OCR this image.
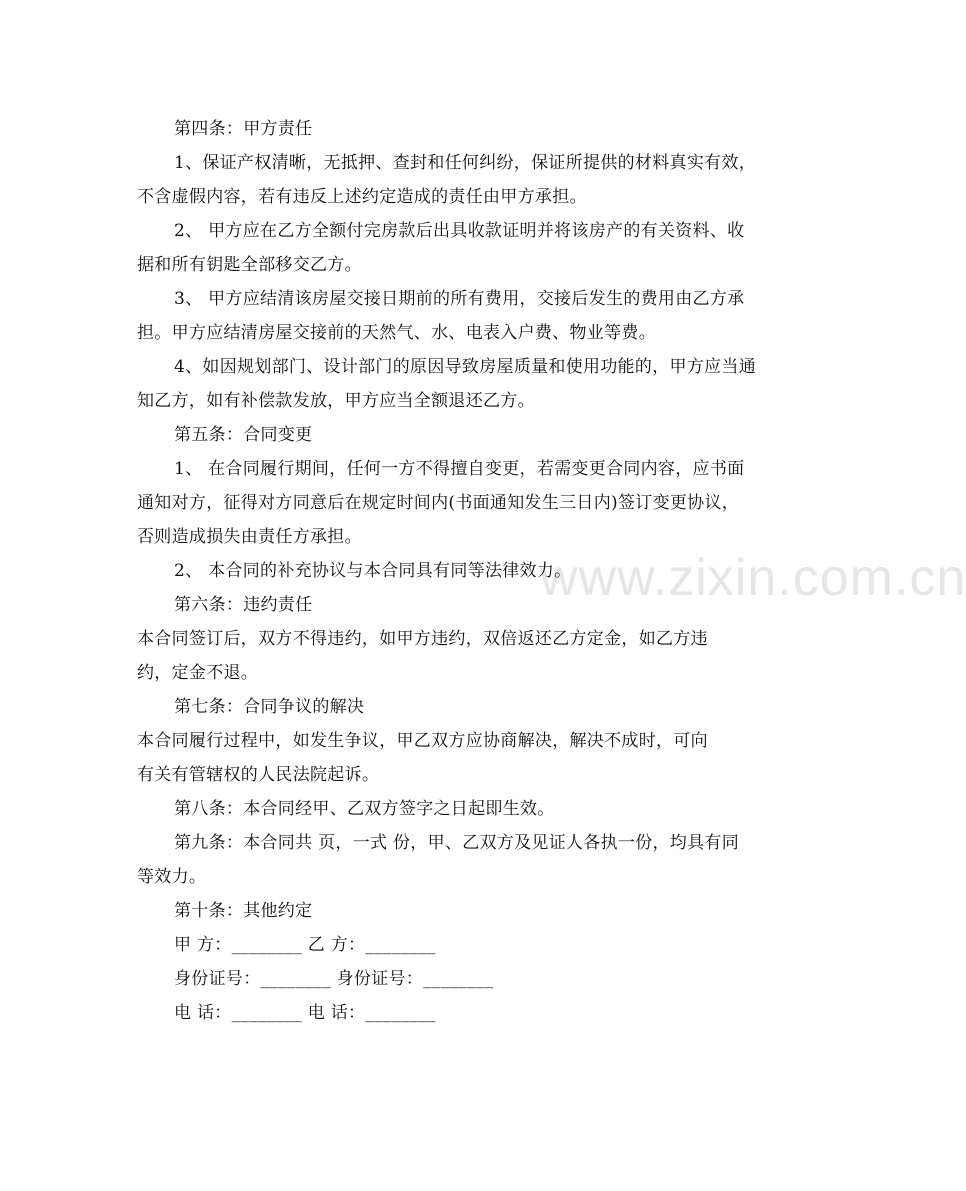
www.zixin.com.cn
第四条：甲方责任
1、保证产权清晰，无抵押、查封和任何纠纷，保证所提供的材料真实有效，
不含虚假内容，若有违反上述约定造成的责任由甲方承担。
2、 甲方应在乙方全额付完房款后出具收款证明并将该房产的有关资料、收
据和所有钥匙全部移交乙方。
3、 甲方应结清该房屋交接日期前的所有费用，交接后发生的费用由乙方承
担。甲方应结清房屋交接前的天然气、水、电表入户费、物业等费。
4、如因规划部门、设计部门的原因导致房屋质量和使用功能的，甲方应当通
知乙方，如有补偿款发放，甲方应当全额退还乙方。
第五条：合同变更
1、 在合同履行期间，任何一方不得擅自变更，若需变更合同内容，应书面
通知对方，征得对方同意后在规定时间内(书面通知发生三日内)签订变更协议，
否则造成损失由责任方承担。
2、 本合同的补充协议与本合同具有同等法律效力。
第六条：违约责任
本合同签订后，双方不得违约，如甲方违约，双倍返还乙方定金，如乙方违
约，定金不退。
第七条：合同争议的解决
本合同履行过程中，如发生争议，甲乙双方应协商解决，解决不成时，可向
有关有管辖权的人民法院起诉。
第八条：本合同经甲、乙双方签字之日起即生效。
第九条：本合同共 页，一式 份，甲、乙双方及见证人各执一份，均具有同
等效力。
第十条：其他约定
甲 方：________ 乙 方：________
身份证号：________ 身份证号：________
电 话：________ 电 话：________
